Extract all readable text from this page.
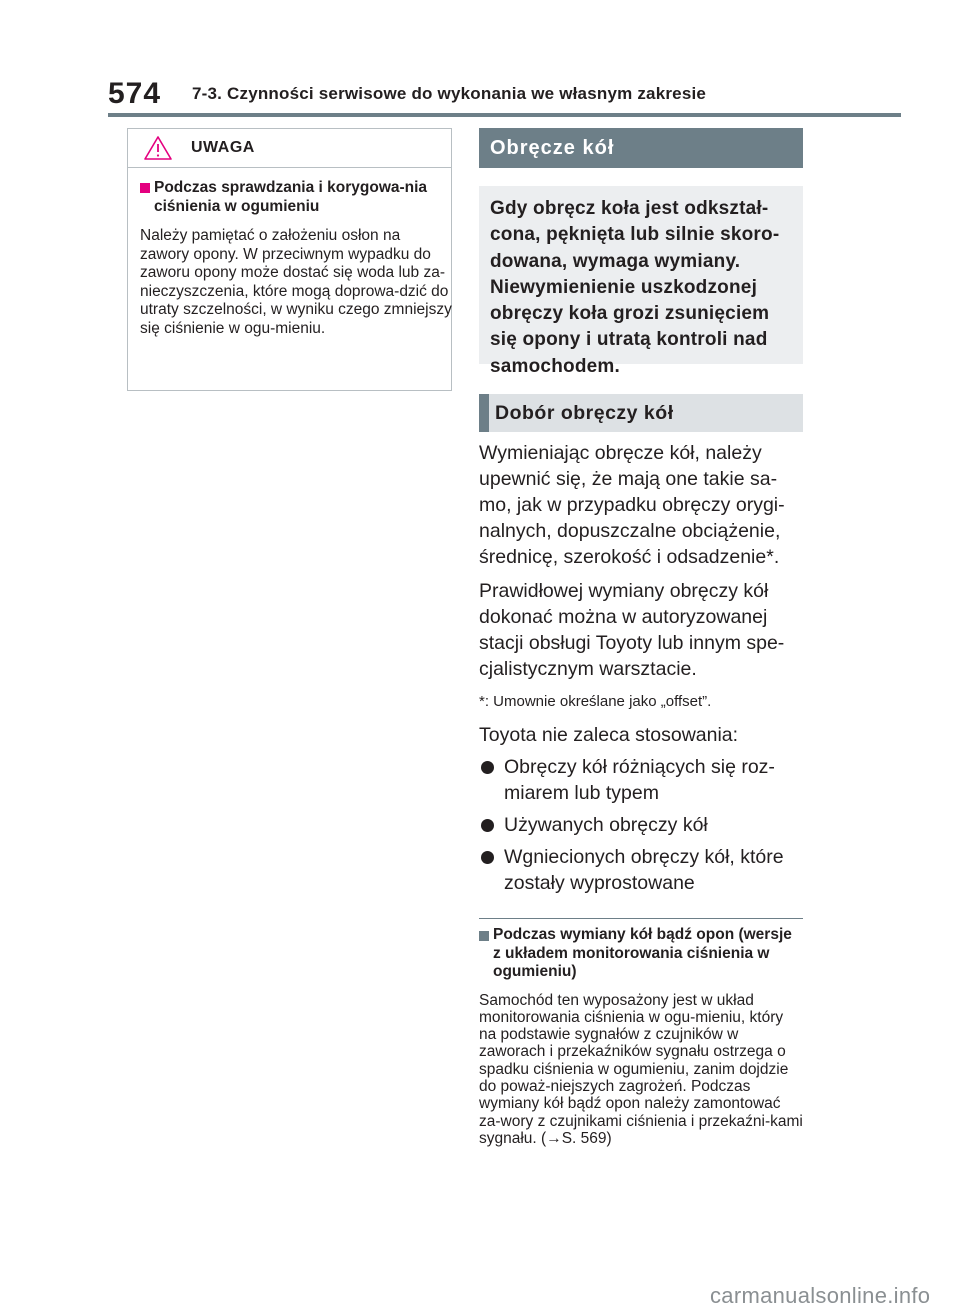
574	7-3. Czynności serwisowe do wykonania we własnym zakresie
UWAGA
Podczas sprawdzania i korygowa-nia ciśnienia w ogumieniu

Należy pamiętać o założeniu osłon na zawory opony. W przeciwnym wypadku do zaworu opony może dostać się woda lub za-nieczyszczenia, które mogą doprowa-dzić do utraty szczelności, w wyniku czego zmniejszy się ciśnienie w ogu-mieniu.

Obręcze kół
Gdy obręcz koła jest odkształ-cona, pęknięta lub silnie skoro-dowana, wymaga wymiany. Niewymienienie uszkodzonej obręczy koła grozi zsunięciem się opony i utratą kontroli nad samochodem.
Dobór obręczy kół

Wymieniając obręcze kół, należy upewnić się, że mają one takie sa-mo, jak w przypadku obręczy orygi-nalnych, dopuszczalne obciążenie, średnicę, szerokość i odsadzenie*.

Prawidłowej wymiany obręczy kół dokonać można w autoryzowanej stacji obsługi Toyoty lub innym spe-cjalistycznym warsztacie.

*: Umownie określane jako „offset”.

Toyota nie zaleca stosowania:

Obręczy kół różniących się roz-miarem lub typem
Używanych obręczy kół
Wgniecionych obręczy kół, które zostały wyprostowane
Podczas wymiany kół bądź opon (wersje z układem monitorowania ciśnienia w ogumieniu)

Samochód ten wyposażony jest w układ monitorowania ciśnienia w ogu-mieniu, który na podstawie sygnałów z czujników w zaworach i przekaźników sygnału ostrzega o spadku ciśnienia w ogumieniu, zanim dojdzie do poważ-niejszych zagrożeń. Podczas wymiany kół bądź opon należy zamontować za-wory z czujnikami ciśnienia i przekaźni-kami sygnału. (→S. 569)

carmanualsonline.info
